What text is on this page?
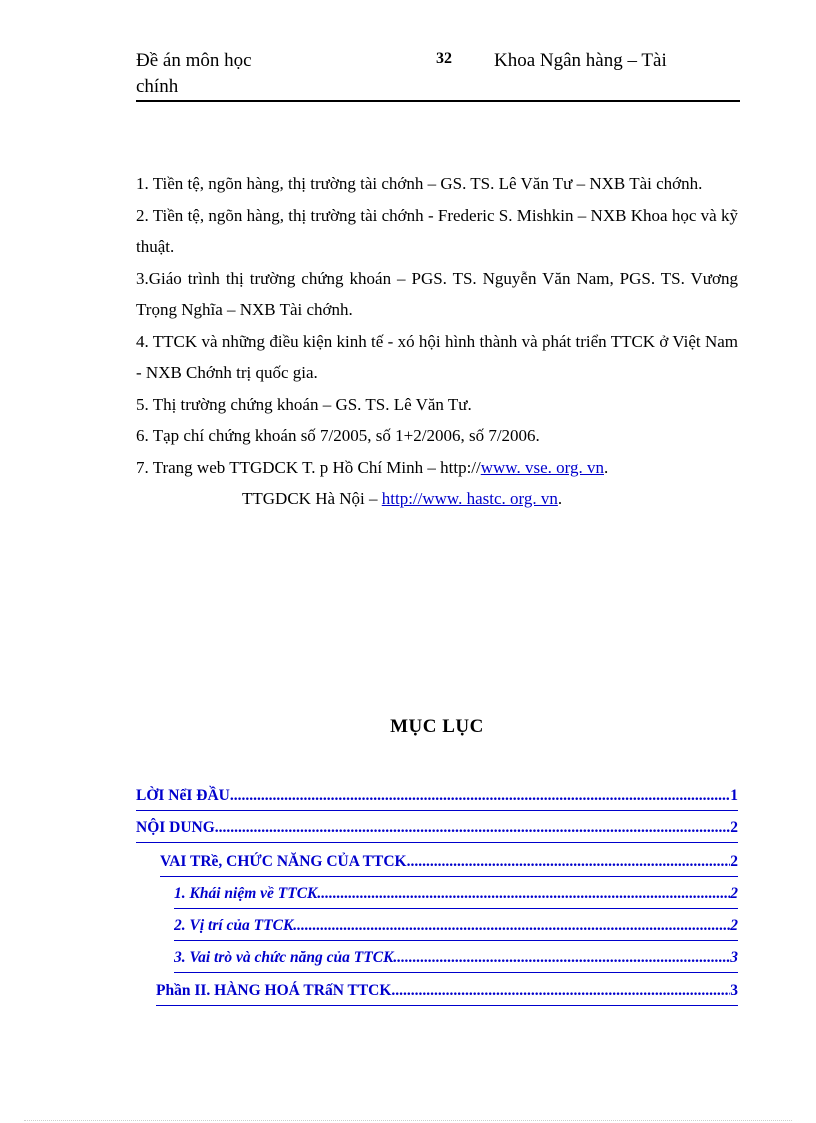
Đề án môn học
chính
32 Khoa Ngân hàng – Tài
1. Tiền tệ, ngõn hàng, thị trường tài chớnh – GS. TS. Lê Văn Tư – NXB Tài chớnh.
2. Tiền tệ, ngõn hàng, thị trường tài chớnh - Frederic S. Mishkin – NXB Khoa học và kỹ thuật.
3.Giáo trình thị trường chứng khoán – PGS. TS. Nguyễn Văn Nam, PGS. TS. Vương Trọng Nghĩa – NXB Tài chớnh.
4. TTCK và những điều kiện kinh tế - xó hội hình thành và phát triển TTCK ở Việt Nam - NXB Chớnh trị quốc gia.
5. Thị trường chứng khoán – GS. TS. Lê Văn Tư.
6. Tạp chí chứng khoán số 7/2005, số 1+2/2006, số 7/2006.
7. Trang web TTGDCK T. p Hồ Chí Minh – http://www. vse. org. vn.
TTGDCK Hà Nội – http://www. hastc. org. vn.
MỤC LỤC
LỜI NểI ĐẦU .....	1
NỘI DUNG .....	2
VAI TRề, CHỨC NĂNG CỦA TTCK .....	2
1. Khái niệm về TTCK .....	2
2. Vị trí của TTCK .....	2
3. Vai trò và chức năng của TTCK .....	3
Phần II. HÀNG HOÁ TRấN TTCK. .....	3
